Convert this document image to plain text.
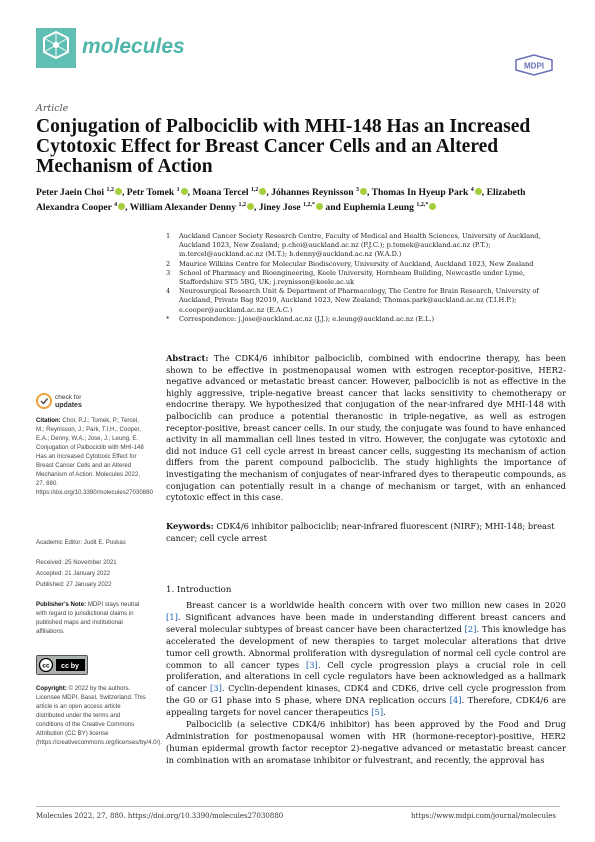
molecules
MDPI
Article
Conjugation of Palbociclib with MHI-148 Has an Increased Cytotoxic Effect for Breast Cancer Cells and an Altered Mechanism of Action
Peter Jaein Choi $^{1,2}$ , Petr Tomek $^1$ , Moana Tercel $^{1,2}$ , Jóhannes Reynisson $^3$ , Thomas In Hyeup Park $^4$ , Elizabeth Alexandra Cooper $^4$ , William Alexander Denny $^{1,2}$ , Jiney Jose $^{1,2,*}$ and Euphemia Leung $^{1,2,*}$
1	Auckland Cancer Society Research Centre, Faculty of Medical and Health Sciences, University of Auckland, Auckland 1023, New Zealand; p.choi@auckland.ac.nz (P.J.C.); p.tomek@auckland.ac.nz (P.T.); m.tercel@auckland.ac.nz (M.T.); b.denny@auckland.ac.nz (W.A.D.)
2	Maurice Wilkins Centre for Molecular Biodiscovery, University of Auckland, Auckland 1023, New Zealand
3	School of Pharmacy and Bioengineering, Keele University, Hornbeam Building, Newcastle under Lyme, Staffordshire ST5 5BG, UK; j.reynisson@keele.ac.uk
4	Neurosurgical Research Unit & Department of Pharmacology, The Centre for Brain Research, University of Auckland, Private Bag 92019, Auckland 1023, New Zealand; Thomas.park@auckland.ac.nz (T.I.H.P.); e.cooper@auckland.ac.nz (E.A.C.)
*	Correspondence: j.jose@auckland.ac.nz (J.J.); e.leung@auckland.ac.nz (E.L.)
Abstract: The CDK4/6 inhibitor palbociclib, combined with endocrine therapy, has been shown to be effective in postmenopausal women with estrogen receptor-positive, HER2-negative advanced or metastatic breast cancer. However, palbociclib is not as effective in the highly aggressive, triple-negative breast cancer that lacks sensitivity to chemotherapy or endocrine therapy. We hypothesized that conjugation of the near-infrared dye MHI-148 with palbociclib can produce a potential theranostic in triple-negative, as well as estrogen receptor-positive, breast cancer cells. In our study, the conjugate was found to have enhanced activity in all mammalian cell lines tested in vitro. However, the conjugate was cytotoxic and did not induce G1 cell cycle arrest in breast cancer cells, suggesting its mechanism of action differs from the parent compound palbociclib. The study highlights the importance of investigating the mechanism of conjugates of near-infrared dyes to therapeutic compounds, as conjugation can potentially result in a change of mechanism or target, with an enhanced cytotoxic effect in this case.
Keywords: CDK4/6 inhibitor palbociclib; near-infrared fluorescent (NIRF); MHI-148; breast cancer; cell cycle arrest
1. Introduction

Breast cancer is a worldwide health concern with over two million new cases in 2020 [1]. Significant advances have been made in understanding different breast cancers and several molecular subtypes of breast cancer have been characterized [2]. This knowledge has accelerated the development of new therapies to target molecular alterations that drive tumor cell growth. Abnormal proliferation with dysregulation of normal cell cycle control are common to all cancer types [3]. Cell cycle progression plays a crucial role in cell proliferation, and alterations in cell cycle regulators have been acknowledged as a hallmark of cancer [3]. Cyclin-dependent kinases, CDK4 and CDK6, drive cell cycle progression from the G0 or G1 phase into S phase, where DNA replication occurs [4]. Therefore, CDK4/6 are appealing targets for novel cancer therapeutics [5].

Palbociclib (a selective CDK4/6 inhibitor) has been approved by the Food and Drug Administration for postmenopausal women with HR (hormone-receptor)-positive, HER2 (human epidermal growth factor receptor 2)-negative advanced or metastatic breast cancer in combination with an aromatase inhibitor or fulvestrant, and recently, the approval has

check for
updates
Citation: Choi, P.J.; Tomek, P.; Tercel, M.; Reynisson, J.; Park, T.I.H.; Cooper, E.A.; Denny, W.A.; Jose, J.; Leung, E. Conjugation of Palbociclib with MHI-148 Has an Increased Cytotoxic Effect for Breast Cancer Cells and an Altered Mechanism of Action. Molecules 2022, 27, 880. https://doi.org/10.3390/molecules27030880
Academic Editor: Judit E. Puskas
Received: 25 November 2021
Accepted: 21 January 2022
Published: 27 January 2022
Publisher’s Note: MDPI stays neutral with regard to jurisdictional claims in published maps and institutional affiliations.
cc cc by
Copyright: © 2022 by the authors. Licensee MDPI, Basel, Switzerland. This article is an open access article distributed under the terms and conditions of the Creative Commons Attribution (CC BY) license (https://creativecommons.org/licenses/by/4.0/).
Molecules 2022, 27, 880. https://doi.org/10.3390/molecules27030880	https://www.mdpi.com/journal/molecules
